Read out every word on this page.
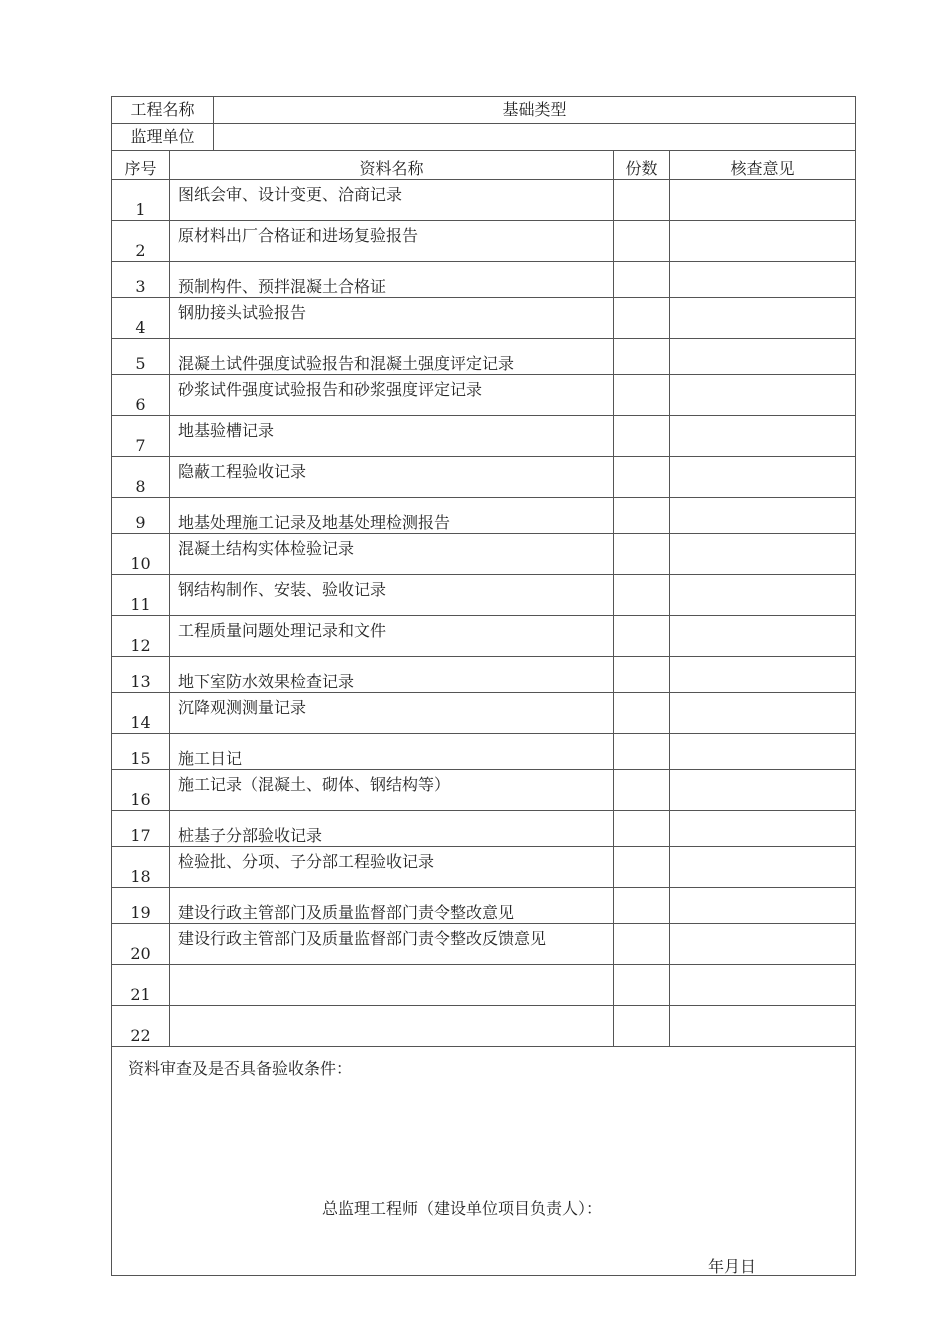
工程名称		基础类型		
监理单位				
序号	资料名称		份数	核查意见
1	图纸会审、设计变更、洽商记录			
2	原材料出厂合格证和进场复验报告			
3	预制构件、预拌混凝土合格证			
4	钢肋接头试验报告			
5	混凝土试件强度试验报告和混凝土强度评定记录			
6	砂浆试件强度试验报告和砂浆强度评定记录			
7	地基验槽记录			
8	隐蔽工程验收记录			
9	地基处理施工记录及地基处理检测报告			
10	混凝土结构实体检验记录			
11	钢结构制作、安装、验收记录			
12	工程质量问题处理记录和文件			
13	地下室防水效果检查记录			
14	沉降观测测量记录			
15	施工日记			
16	施工记录（混凝土、砌体、钢结构等）			
17	桩基子分部验收记录			
18	检验批、分项、子分部工程验收记录			
19	建设行政主管部门及质量监督部门责令整改意见			
20	建设行政主管部门及质量监督部门责令整改反馈意见			
21				
22				

资料审查及是否具备验收条件：
总监理工程师（建设单位项目负责人）：
年月日				
